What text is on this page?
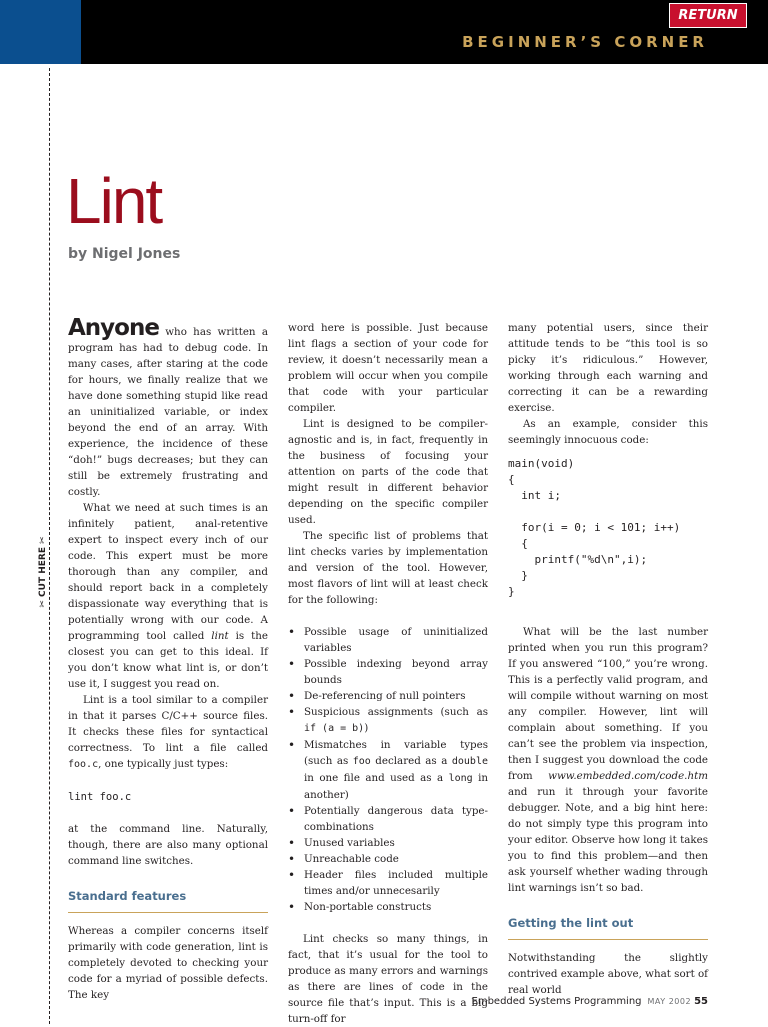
RETURN
BEGINNER’S CORNER
✂ CUT HERE ✂
Lint
by Nigel Jones

Anyone who has written a program has had to debug code. In many cases, after staring at the code for hours, we finally realize that we have done something stupid like read an uninitialized variable, or index beyond the end of an array. With experience, the incidence of these “doh!” bugs decreases; but they can still be extremely frustrating and costly.

What we need at such times is an infinitely patient, anal-retentive expert to inspect every inch of our code. This expert must be more thorough than any compiler, and should report back in a completely dispassionate way everything that is potentially wrong with our code. A programming tool called lint is the closest you can get to this ideal. If you don’t know what lint is, or don’t use it, I suggest you read on.

Lint is a tool similar to a compiler in that it parses C/C++ source files. It checks these files for syntactical correctness. To lint a file called foo.c, one typically just types:

lint foo.c

at the command line. Naturally, though, there are also many optional command line switches.

Standard features

Whereas a compiler concerns itself primarily with code generation, lint is completely devoted to checking your code for a myriad of possible defects. The key

word here is possible. Just because lint flags a section of your code for review, it doesn’t necessarily mean a problem will occur when you compile that code with your particular compiler.

Lint is designed to be compiler-agnostic and is, in fact, frequently in the business of focusing your attention on parts of the code that might result in different behavior depending on the specific compiler used.

The specific list of problems that lint checks varies by implementation and version of the tool. However, most flavors of lint will at least check for the following:

• Possible usage of uninitialized variables
• Possible indexing beyond array bounds
• De-referencing of null pointers
• Suspicious assignments (such as if (a = b))
• Mismatches in variable types (such as foo declared as a double in one file and used as a long in another)
• Potentially dangerous data type-combinations
• Unused variables
• Unreachable code
• Header files included multiple times and/or unnecesarily
• Non-portable constructs

Lint checks so many things, in fact, that it’s usual for the tool to produce as many errors and warnings as there are lines of code in the source file that’s input. This is a big turn-off for

many potential users, since their attitude tends to be “this tool is so picky it’s ridiculous.” However, working through each warning and correcting it can be a rewarding exercise.

As an example, consider this seemingly innocuous code:

main(void)
{
int i;

for(i = 0; i < 101; i++)
{
printf("%d\n",i);
}
}

What will be the last number printed when you run this program? If you answered “100,” you’re wrong. This is a perfectly valid program, and will compile without warning on most any compiler. However, lint will complain about something. If you can’t see the problem via inspection, then I suggest you download the code from www.embedded.com/code.htm and run it through your favorite debugger. Note, and a big hint here: do not simply type this program into your editor. Observe how long it takes you to find this problem—and then ask yourself whether wading through lint warnings isn’t so bad.

Getting the lint out

Notwithstanding the slightly contrived example above, what sort of real world

Embedded Systems Programming MAY 2002 55
